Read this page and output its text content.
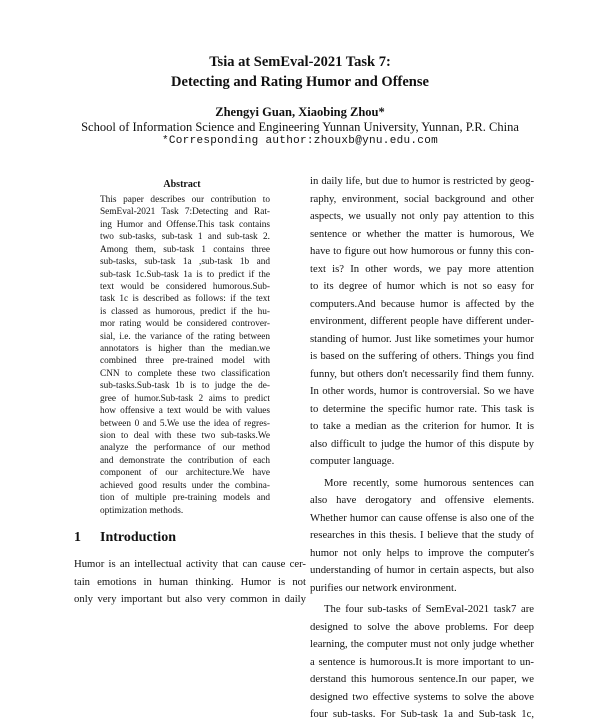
Tsia at SemEval-2021 Task 7:
Detecting and Rating Humor and Offense
Zhengyi Guan, Xiaobing Zhou*
School of Information Science and Engineering Yunnan University, Yunnan, P.R. China
*Corresponding author:zhouxb@ynu.edu.com
Abstract
This paper describes our contribution to
SemEval-2021 Task 7:Detecting and Rat-
ing Humor and Offense.This task contains
two sub-tasks, sub-task 1 and sub-task 2.
Among them, sub-task 1 contains three
sub-tasks, sub-task 1a ,sub-task 1b and
sub-task 1c.Sub-task 1a is to predict if the
text would be considered humorous.Sub-
task 1c is described as follows: if the text
is classed as humorous, predict if the hu-
mor rating would be considered controver-
sial, i.e. the variance of the rating between
annotators is higher than the median.we
combined three pre-trained model with
CNN to complete these two classification
sub-tasks.Sub-task 1b is to judge the de-
gree of humor.Sub-task 2 aims to predict
how offensive a text would be with values
between 0 and 5.We use the idea of regres-
sion to deal with these two sub-tasks.We
analyze the performance of our method
and demonstrate the contribution of each
component of our architecture.We have
achieved good results under the combina-
tion of multiple pre-training models and
optimization methods.
1 Introduction
Humor is an intellectual activity that can cause cer-
tain emotions in human thinking. Humor is not
only very important but also very common in daily
in daily life, but due to humor is restricted by geog-
raphy, environment, social background and other
aspects, we usually not only pay attention to this
sentence or whether the matter is humorous, We
have to figure out how humorous or funny this con-
text is? In other words, we pay more attention
to its degree of humor which is not so easy for
computers.And because humor is affected by the
environment, different people have different under-
standing of humor. Just like sometimes your humor
is based on the suffering of others. Things you find
funny, but others don't necessarily find them funny.
In other words, humor is controversial. So we have
to determine the specific humor rate. This task is
to take a median as the criterion for humor. It is
also difficult to judge the humor of this dispute by
computer language.
More recently, some humorous sentences can
also have derogatory and offensive elements.
Whether humor can cause offense is also one of the
researches in this thesis. I believe that the study of
humor not only helps to improve the computer's
understanding of humor in certain aspects, but also
purifies our network environment.
The four sub-tasks of SemEval-2021 task7 are
designed to solve the above problems. For deep
learning, the computer must not only judge whether
a sentence is humorous.It is more important to un-
derstand this humorous sentence.In our paper, we
designed two effective systems to solve the above
four sub-tasks. For Sub-task 1a and Sub-task 1c,
